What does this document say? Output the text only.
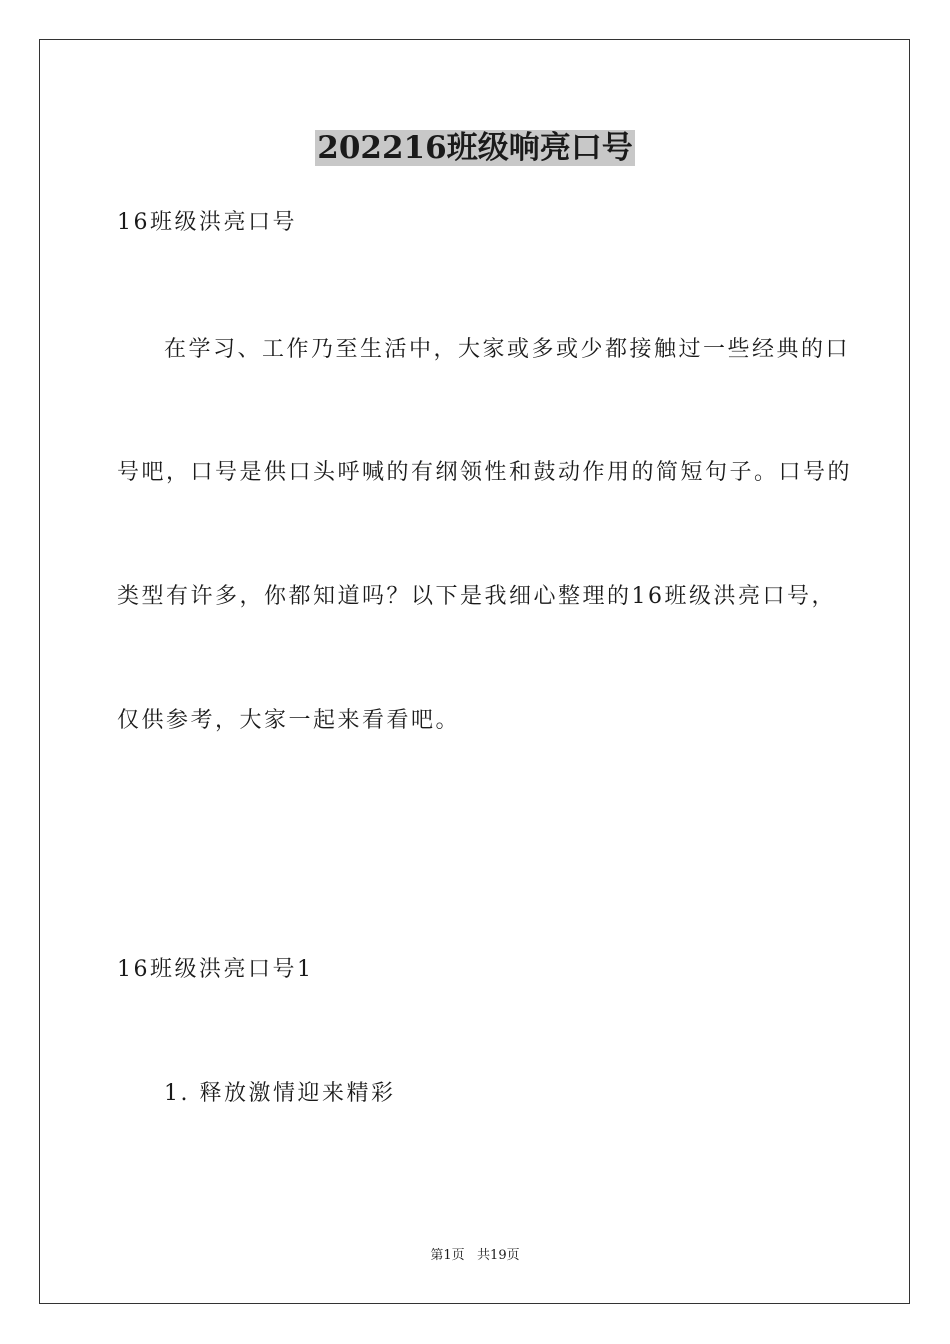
202216班级响亮口号
16班级洪亮口号
在学习、工作乃至生活中，大家或多或少都接触过一些经典的口
号吧，口号是供口头呼喊的有纲领性和鼓动作用的简短句子。口号的
类型有许多，你都知道吗？以下是我细心整理的16班级洪亮口号，
仅供参考，大家一起来看看吧。
16班级洪亮口号1
1. 释放激情迎来精彩
第1页   共19页
